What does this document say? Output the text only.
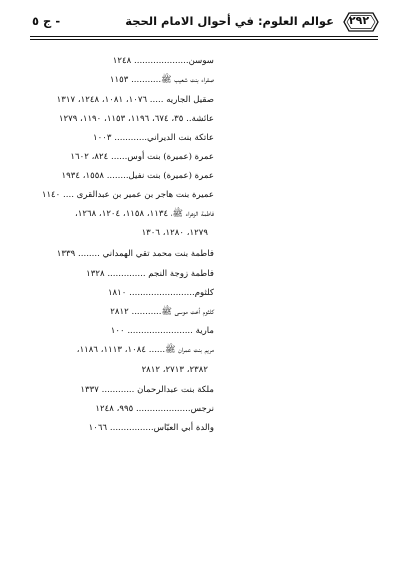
٢٩٢
عوالم العلوم: في أحوال الامام الحجة
- ج ٥
سوسن.................... ١٢٤٨
صفراء بنت شعيب ﷺ........... ١١٥٣
صقيل الجاريه ..... ١٠٧٦، ١٠٨١، ١٢٤٨، ١٣١٧
عائشة.. ٣٥، ٦٧٤، ١١٩٦، ١١٥٣، ١١٩٠، ١٢٧٩
عاتكة بنت الديراني............ ١٠٠٣
عمرة (عميرة) بنت أوس...... ٨٢٤، ١٦٠٢
عمرة (عميرة) بنت نفيل........ ١٥٥٨، ١٩٣٤
عميرة بنت هاجر بن عمير بن عبدالقرى .... ١١٤٠
فاطمة الزهراء ﷺ، ١١٣٤، ١١٥٨، ١٢٠٤، ١٢٦٨،
١٢٧٩، ١٢٨٠، ١٣٠٦
فاطمة بنت محمد تقي الهمداني ........ ١٣٣٩
فاطمة زوجة النجم .............. ١٣٢٨
كلثوم........................ ١٨١٠
كلثوم أخت موسى ﷺ........... ٢٨١٢
مارية ........................ ١٠٠
مريم بنت عمران ﷺ...... ١٠٨٤، ١١١٣، ١١٨٦،
٢٣٨٢، ٢٧١٣، ٢٨١٢
ملكة بنت عبدالرحمان ............ ١٣٣٧
نرجس.................... ٩٩٥، ١٢٤٨
والدة أبي العبّاس................ ١٠٦٦
